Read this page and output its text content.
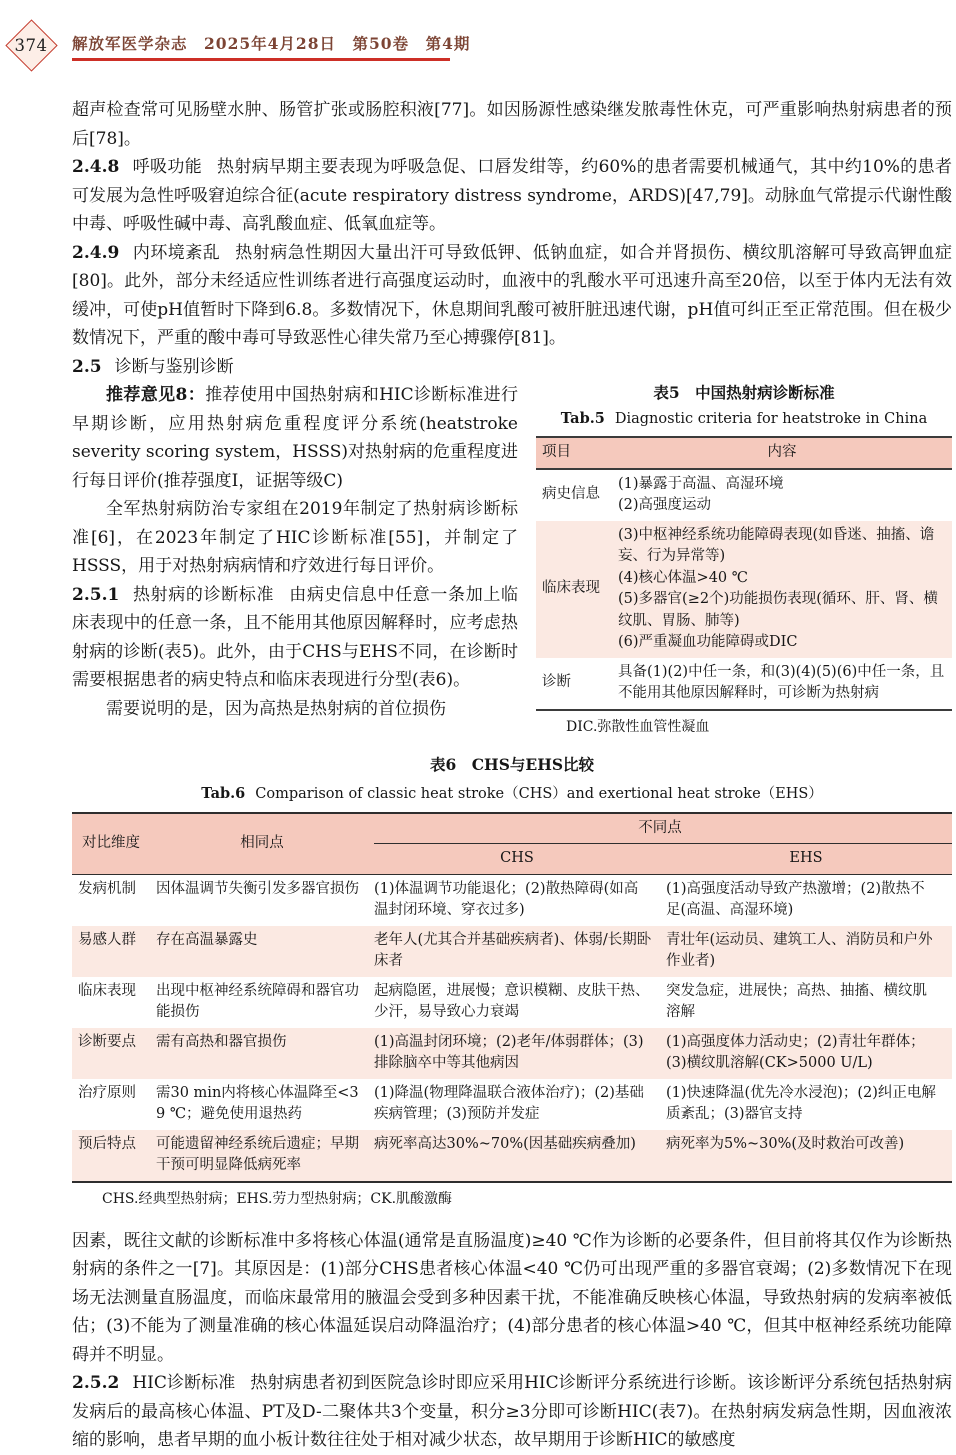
374	解放军医学杂志　2025年4月28日　第50卷　第4期

超声检查常可见肠壁水肿、肠管扩张或肠腔积液[77]。如因肠源性感染继发脓毒性休克，可严重影响热射病患者的预后[78]。

2.4.8 呼吸功能 热射病早期主要表现为呼吸急促、口唇发绀等，约60%的患者需要机械通气，其中约10%的患者可发展为急性呼吸窘迫综合征(acute respiratory distress syndrome，ARDS)[47,79]。动脉血气常提示代谢性酸中毒、呼吸性碱中毒、高乳酸血症、低氧血症等。

2.4.9 内环境紊乱 热射病急性期因大量出汗可导致低钾、低钠血症，如合并肾损伤、横纹肌溶解可导致高钾血症[80]。此外，部分未经适应性训练者进行高强度运动时，血液中的乳酸水平可迅速升高至20倍，以至于体内无法有效缓冲，可使pH值暂时下降到6.8。多数情况下，休息期间乳酸可被肝脏迅速代谢，pH值可纠正至正常范围。但在极少数情况下，严重的酸中毒可导致恶性心律失常乃至心搏骤停[81]。

2.5 诊断与鉴别诊断

推荐意见8：推荐使用中国热射病和HIC诊断标准进行早期诊断，应用热射病危重程度评分系统(heatstroke severity scoring system，HSSS)对热射病的危重程度进行每日评价(推荐强度Ⅰ，证据等级C)

全军热射病防治专家组在2019年制定了热射病诊断标准[6]，在2023年制定了HIC诊断标准[55]，并制定了HSSS，用于对热射病病情和疗效进行每日评价。

2.5.1 热射病的诊断标准 由病史信息中任意一条加上临床表现中的任意一条，且不能用其他原因解释时，应考虑热射病的诊断(表5)。此外，由于CHS与EHS不同，在诊断时需要根据患者的病史特点和临床表现进行分型(表6)。

需要说明的是，因为高热是热射病的首位损伤

表5　中国热射病诊断标准

Tab.5 Diagnostic criteria for heatstroke in China

项目	内容
病史信息	(1)暴露于高温、高湿环境

(2)高强度运动

临床表现	(3)中枢神经系统功能障碍表现(如昏迷、抽搐、谵妄、行为异常等)

(4)核心体温>40 ℃

(5)多器官(≥2个)功能损伤表现(循环、肝、肾、横纹肌、胃肠、肺等)

(6)严重凝血功能障碍或DIC

诊断	具备(1)(2)中任一条，和(3)(4)(5)(6)中任一条，且不能用其他原因解释时，可诊断为热射病

DIC.弥散性血管性凝血

表6　CHS与EHS比较

Tab.6 Comparison of classic heat stroke（CHS）and exertional heat stroke（EHS）

对比维度	相同点	不同点	
		CHS	EHS
发病机制	因体温调节失衡引发多器官损伤	(1)体温调节功能退化；(2)散热障碍(如高温封闭环境、穿衣过多)	(1)高强度活动导致产热激增；(2)散热不足(高温、高湿环境)
易感人群	存在高温暴露史	老年人(尤其合并基础疾病者)、体弱/长期卧床者	青壮年(运动员、建筑工人、消防员和户外作业者)
临床表现	出现中枢神经系统障碍和器官功能损伤	起病隐匿，进展慢；意识模糊、皮肤干热、少汗，易导致心力衰竭	突发急症，进展快；高热、抽搐、横纹肌溶解
诊断要点	需有高热和器官损伤	(1)高温封闭环境；(2)老年/体弱群体；(3)排除脑卒中等其他病因	(1)高强度体力活动史；(2)青壮年群体；(3)横纹肌溶解(CK>5000 U/L)
治疗原则	需30 min内将核心体温降至<39 ℃；避免使用退热药	(1)降温(物理降温联合液体治疗)；(2)基础疾病管理；(3)预防并发症	(1)快速降温(优先冷水浸泡)；(2)纠正电解质紊乱；(3)器官支持
预后特点	可能遗留神经系统后遗症；早期干预可明显降低病死率	病死率高达30%~70%(因基础疾病叠加)	病死率为5%~30%(及时救治可改善)

CHS.经典型热射病；EHS.劳力型热射病；CK.肌酸激酶

因素，既往文献的诊断标准中多将核心体温(通常是直肠温度)≥40 ℃作为诊断的必要条件，但目前将其仅作为诊断热射病的条件之一[7]。其原因是：(1)部分CHS患者核心体温<40 ℃仍可出现严重的多器官衰竭；(2)多数情况下在现场无法测量直肠温度，而临床最常用的腋温会受到多种因素干扰，不能准确反映核心体温，导致热射病的发病率被低估；(3)不能为了测量准确的核心体温延误启动降温治疗；(4)部分患者的核心体温>40 ℃，但其中枢神经系统功能障碍并不明显。

2.5.2 HIC诊断标准 热射病患者初到医院急诊时即应采用HIC诊断评分系统进行诊断。该诊断评分系统包括热射病发病后的最高核心体温、PT及D-二聚体共3个变量，积分≥3分即可诊断HIC(表7)。在热射病发病急性期，因血液浓缩的影响，患者早期的血小板计数往往处于相对减少状态，故早期用于诊断HIC的敏感度
